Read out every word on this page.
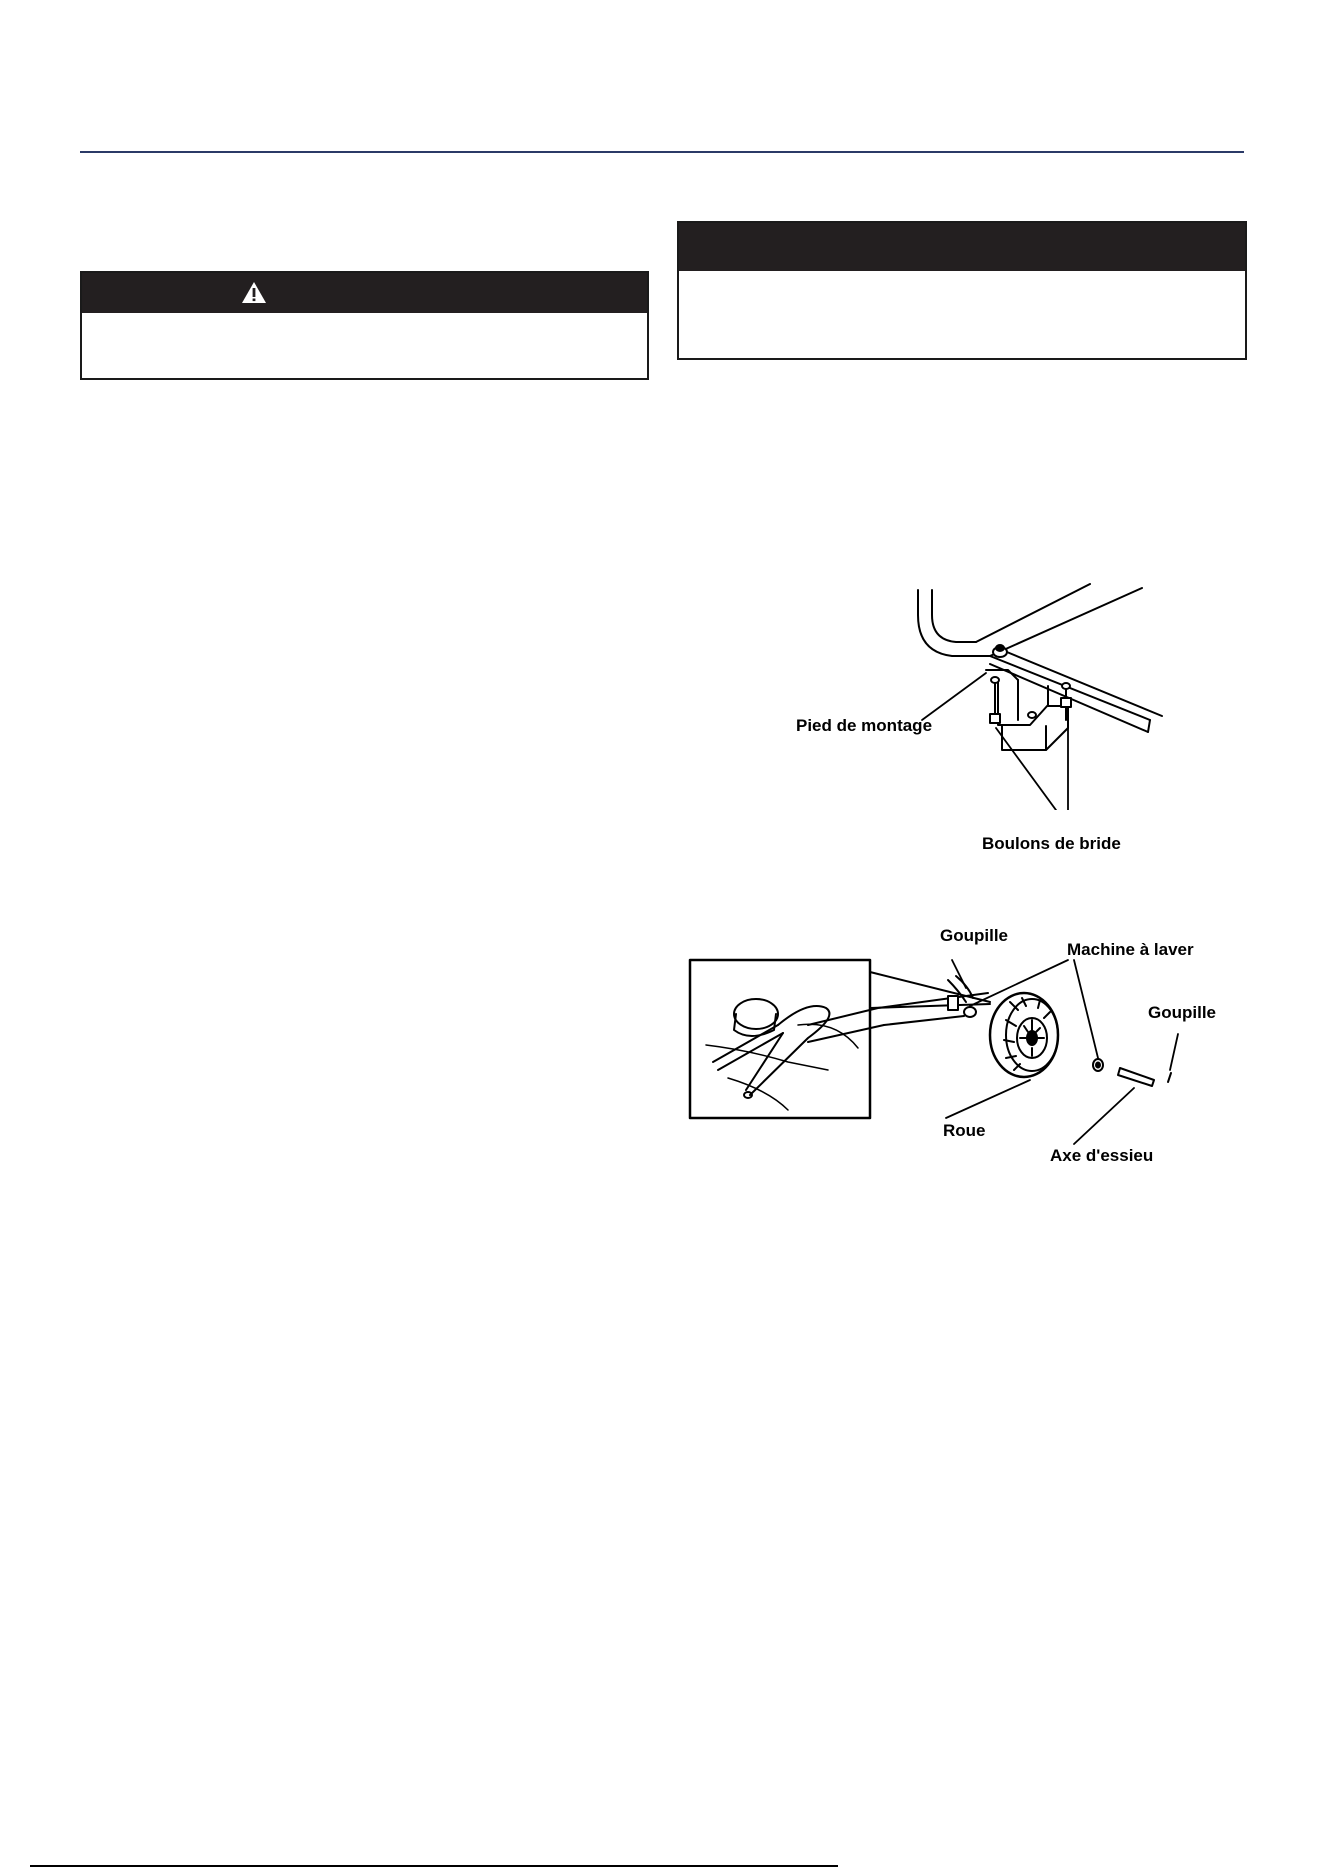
Pied de montage
Boulons de bride
Goupille
Machine à laver
Goupille
Roue
Axe d'essieu
